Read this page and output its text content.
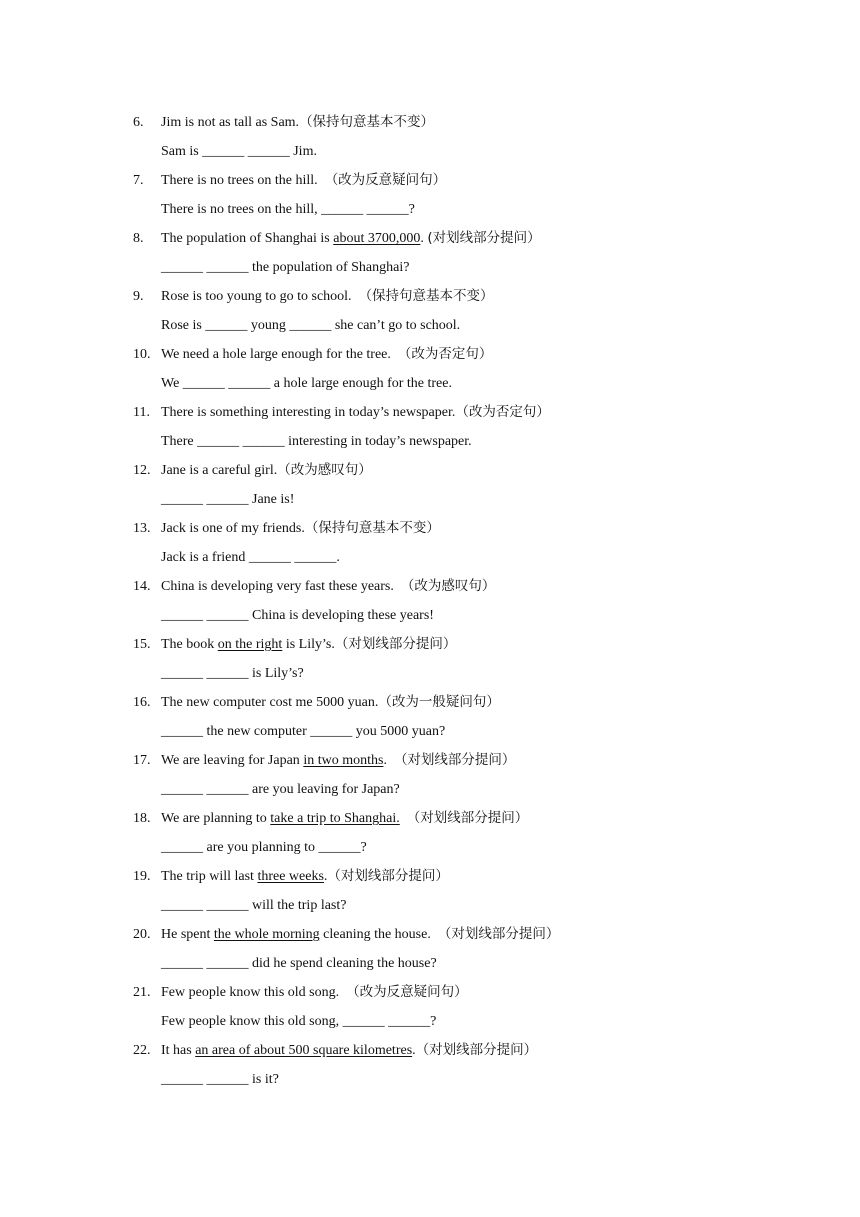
6.	Jim is not as tall as Sam.（保持句意基本不变）
Sam is ______ ______ Jim.
7.	There is no trees on the hill.  （改为反意疑问句）
There is no trees on the hill, ______ ______?
8.	The population of Shanghai is about 3700,000. (对划线部分提问）
______ ______ the population of Shanghai?
9.	Rose is too young to go to school.  （保持句意基本不变）
Rose is ______ young ______ she can’t go to school.
10. We need a hole large enough for the tree.  （改为否定句）
We ______ ______ a hole large enough for the tree.
11. There is something interesting in today’s newspaper.（改为否定句）
There ______ ______ interesting in today’s newspaper.
12. Jane is a careful girl.（改为感叹句）
______ ______ Jane is!
13. Jack is one of my friends.（保持句意基本不变）
Jack is a friend ______ ______.
14. China is developing very fast these years.  （改为感叹句）
______ ______ China is developing these years!
15. The book on the right is Lily’s.（对划线部分提问）
______ ______ is Lily’s?
16. The new computer cost me 5000 yuan.（改为一般疑问句）
______ the new computer ______ you 5000 yuan?
17. We are leaving for Japan in two months.  （对划线部分提问）
______ ______ are you leaving for Japan?
18. We are planning to take a trip to Shanghai. （对划线部分提问）
______ are you planning to ______?
19. The trip will last three weeks.（对划线部分提问）
______ ______ will the trip last?
20. He spent the whole morning cleaning the house.  （对划线部分提问）
______ ______ did he spend cleaning the house?
21. Few people know this old song.  （改为反意疑问句）
Few people know this old song, ______ ______?
22. It has an area of about 500 square kilometres.（对划线部分提问）
______ ______ is it?
